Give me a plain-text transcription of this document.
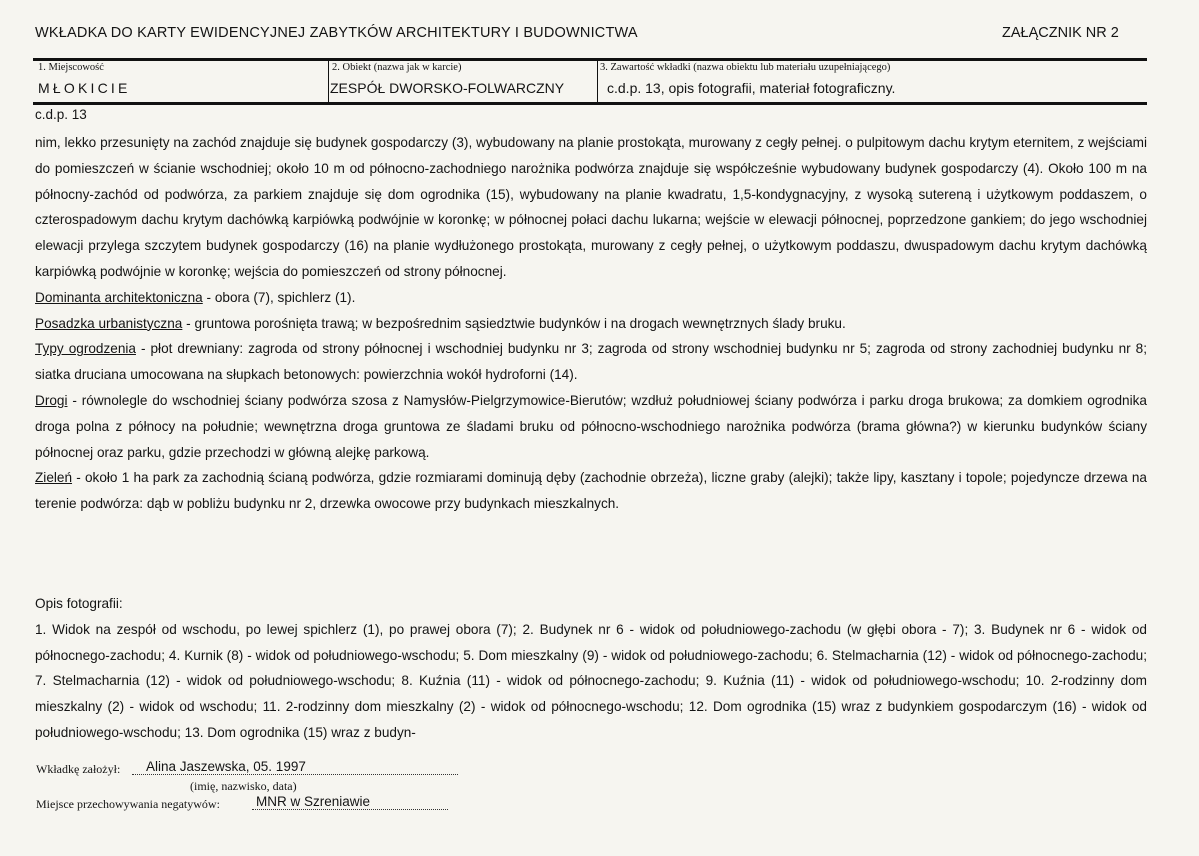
WKŁADKA DO KARTY EWIDENCYJNEJ ZABYTKÓW ARCHITEKTURY I BUDOWNICTWA	ZAŁĄCZNIK NR 2
1. Miejscowość
MŁOKICIE
2. Obiekt (nazwa jak w karcie)
ZESPÓŁ DWORSKO-FOLWARCZNY
3. Zawartość wkładki (nazwa obiektu lub materiału uzupełniającego)
c.d.p. 13, opis fotografii, materiał fotograficzny.
c.d.p. 13

nim, lekko przesunięty na zachód znajduje się budynek gospodarczy (3), wybudowany na planie prostokąta, murowany z cegły pełnej. o pulpitowym dachu krytym eternitem, z wejściami do pomieszczeń w ścianie wschodniej; około 10 m od północno-zachodniego narożnika podwórza znajduje się współcześnie wybudowany budynek gospodarczy (4). Około 100 m na północny-zachód od podwórza, za parkiem znajduje się dom ogrodnika (15), wybudowany na planie kwadratu, 1,5-kondygnacyjny, z wysoką sutereną i użytkowym poddaszem, o czterospadowym dachu krytym dachówką karpiówką podwójnie w koronkę; w północnej połaci dachu lukarna; wejście w elewacji północnej, poprzedzone gankiem; do jego wschodniej elewacji przylega szczytem budynek gospodarczy (16) na planie wydłużonego prostokąta, murowany z cegły pełnej, o użytkowym poddaszu, dwuspadowym dachu krytym dachówką karpiówką podwójnie w koronkę; wejścia do pomieszczeń od strony północnej.

Dominanta architektoniczna - obora (7), spichlerz (1).

Posadzka urbanistyczna - gruntowa porośnięta trawą; w bezpośrednim sąsiedztwie budynków i na drogach wewnętrznych ślady bruku.

Typy ogrodzenia - płot drewniany: zagroda od strony północnej i wschodniej budynku nr 3; zagroda od strony wschodniej budynku nr 5; zagroda od strony zachodniej budynku nr 8; siatka druciana umocowana na słupkach betonowych: powierzchnia wokół hydroforni (14).

Drogi - równolegle do wschodniej ściany podwórza szosa z Namysłów-Pielgrzymowice-Bierutów; wzdłuż południowej ściany podwórza i parku droga brukowa; za domkiem ogrodnika droga polna z północy na południe; wewnętrzna droga gruntowa ze śladami bruku od północno-wschodniego narożnika podwórza (brama główna?) w kierunku budynków ściany północnej oraz parku, gdzie przechodzi w główną alejkę parkową.

Zieleń - około 1 ha park za zachodnią ścianą podwórza, gdzie rozmiarami dominują dęby (zachodnie obrzeża), liczne graby (alejki); także lipy, kasztany i topole; pojedyncze drzewa na terenie podwórza: dąb w pobliżu budynku nr 2, drzewka owocowe przy budynkach mieszkalnych.

Opis fotografii:

1. Widok na zespół od wschodu, po lewej spichlerz (1), po prawej obora (7); 2. Budynek nr 6 - widok od południowego-zachodu (w głębi obora - 7); 3. Budynek nr 6 - widok od północnego-zachodu; 4. Kurnik (8) - widok od południowego-wschodu; 5. Dom mieszkalny (9) - widok od południowego-zachodu; 6. Stelmacharnia (12) - widok od północnego-zachodu; 7. Stelmacharnia (12) - widok od południowego-wschodu; 8. Kuźnia (11) - widok od północnego-zachodu; 9. Kuźnia (11) - widok od południowego-wschodu; 10. 2-rodzinny dom mieszkalny (2) - widok od wschodu; 11. 2-rodzinny dom mieszkalny (2) - widok od północnego-wschodu; 12. Dom ogrodnika (15) wraz z budynkiem gospodarczym (16) - widok od południowego-wschodu; 13. Dom ogrodnika (15) wraz z budyn-

Wkładkę założył:	Alina Jaszewska, 05. 1997
(imię, nazwisko, data)
Miejsce przechowywania negatywów:	MNR w Szreniawie
